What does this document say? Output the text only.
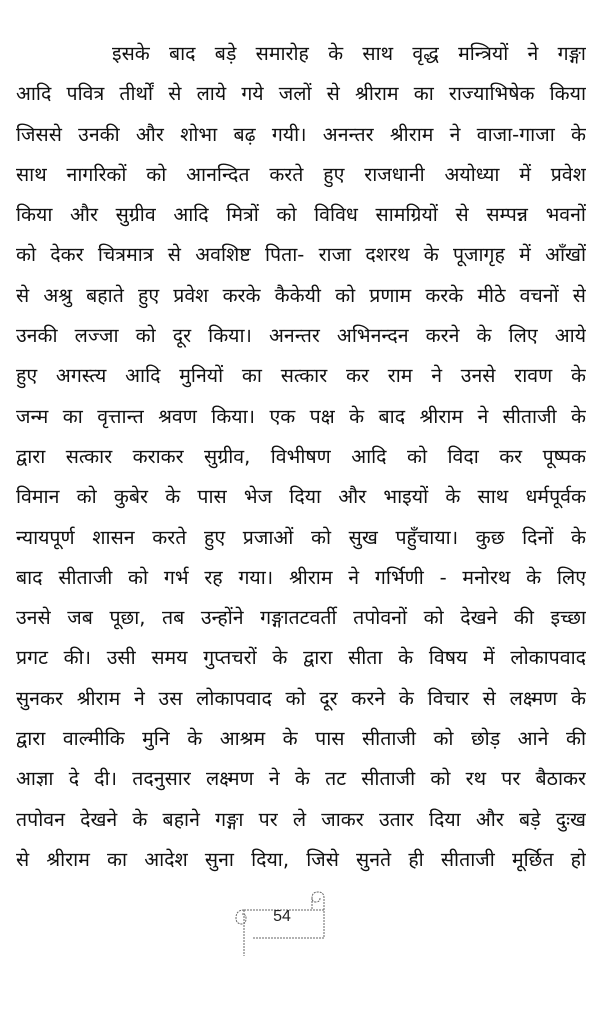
इसके बाद बड़े समारोह के साथ वृद्ध मन्त्रियों ने गङ्गा
आदि पवित्र तीर्थों से लाये गये जलों से श्रीराम का राज्याभिषेक किया
जिससे उनकी और शोभा बढ़ गयी। अनन्तर श्रीराम ने वाजा-गाजा के
साथ नागरिकों को आनन्दित करते हुए राजधानी अयोध्या में प्रवेश
किया और सुग्रीव आदि मित्रों को विविध सामग्रियों से सम्पन्न भवनों
को देकर चित्रमात्र से अवशिष्ट पिता- राजा दशरथ के पूजागृह में आँखों
से अश्रु बहाते हुए प्रवेश करके कैकेयी को प्रणाम करके मीठे वचनों से
उनकी लज्जा को दूर किया। अनन्तर अभिनन्दन करने के लिए आये
हुए अगस्त्य आदि मुनियों का सत्कार कर राम ने उनसे रावण के
जन्म का वृत्तान्त श्रवण किया। एक पक्ष के बाद श्रीराम ने सीताजी के
द्वारा सत्कार कराकर सुग्रीव, विभीषण आदि को विदा कर पूष्पक
विमान को कुबेर के पास भेज दिया और भाइयों के साथ धर्मपूर्वक
न्यायपूर्ण शासन करते हुए प्रजाओं को सुख पहुँचाया। कुछ दिनों के
बाद सीताजी को गर्भ रह गया। श्रीराम ने गर्भिणी - मनोरथ के लिए
उनसे जब पूछा, तब उन्होंने गङ्गातटवर्ती तपोवनों को देखने की इच्छा
प्रगट की। उसी समय गुप्तचरों के द्वारा सीता के विषय में लोकापवाद
सुनकर श्रीराम ने उस लोकापवाद को दूर करने के विचार से लक्ष्मण के
द्वारा वाल्मीकि मुनि के आश्रम के पास सीताजी को छोड़ आने की
आज्ञा दे दी। तदनुसार लक्ष्मण ने के तट सीताजी को रथ पर बैठाकर
तपोवन देखने के बहाने गङ्गा पर ले जाकर उतार दिया और बड़े दुःख
से श्रीराम का आदेश सुना दिया, जिसे सुनते ही सीताजी मूर्छित हो
54
